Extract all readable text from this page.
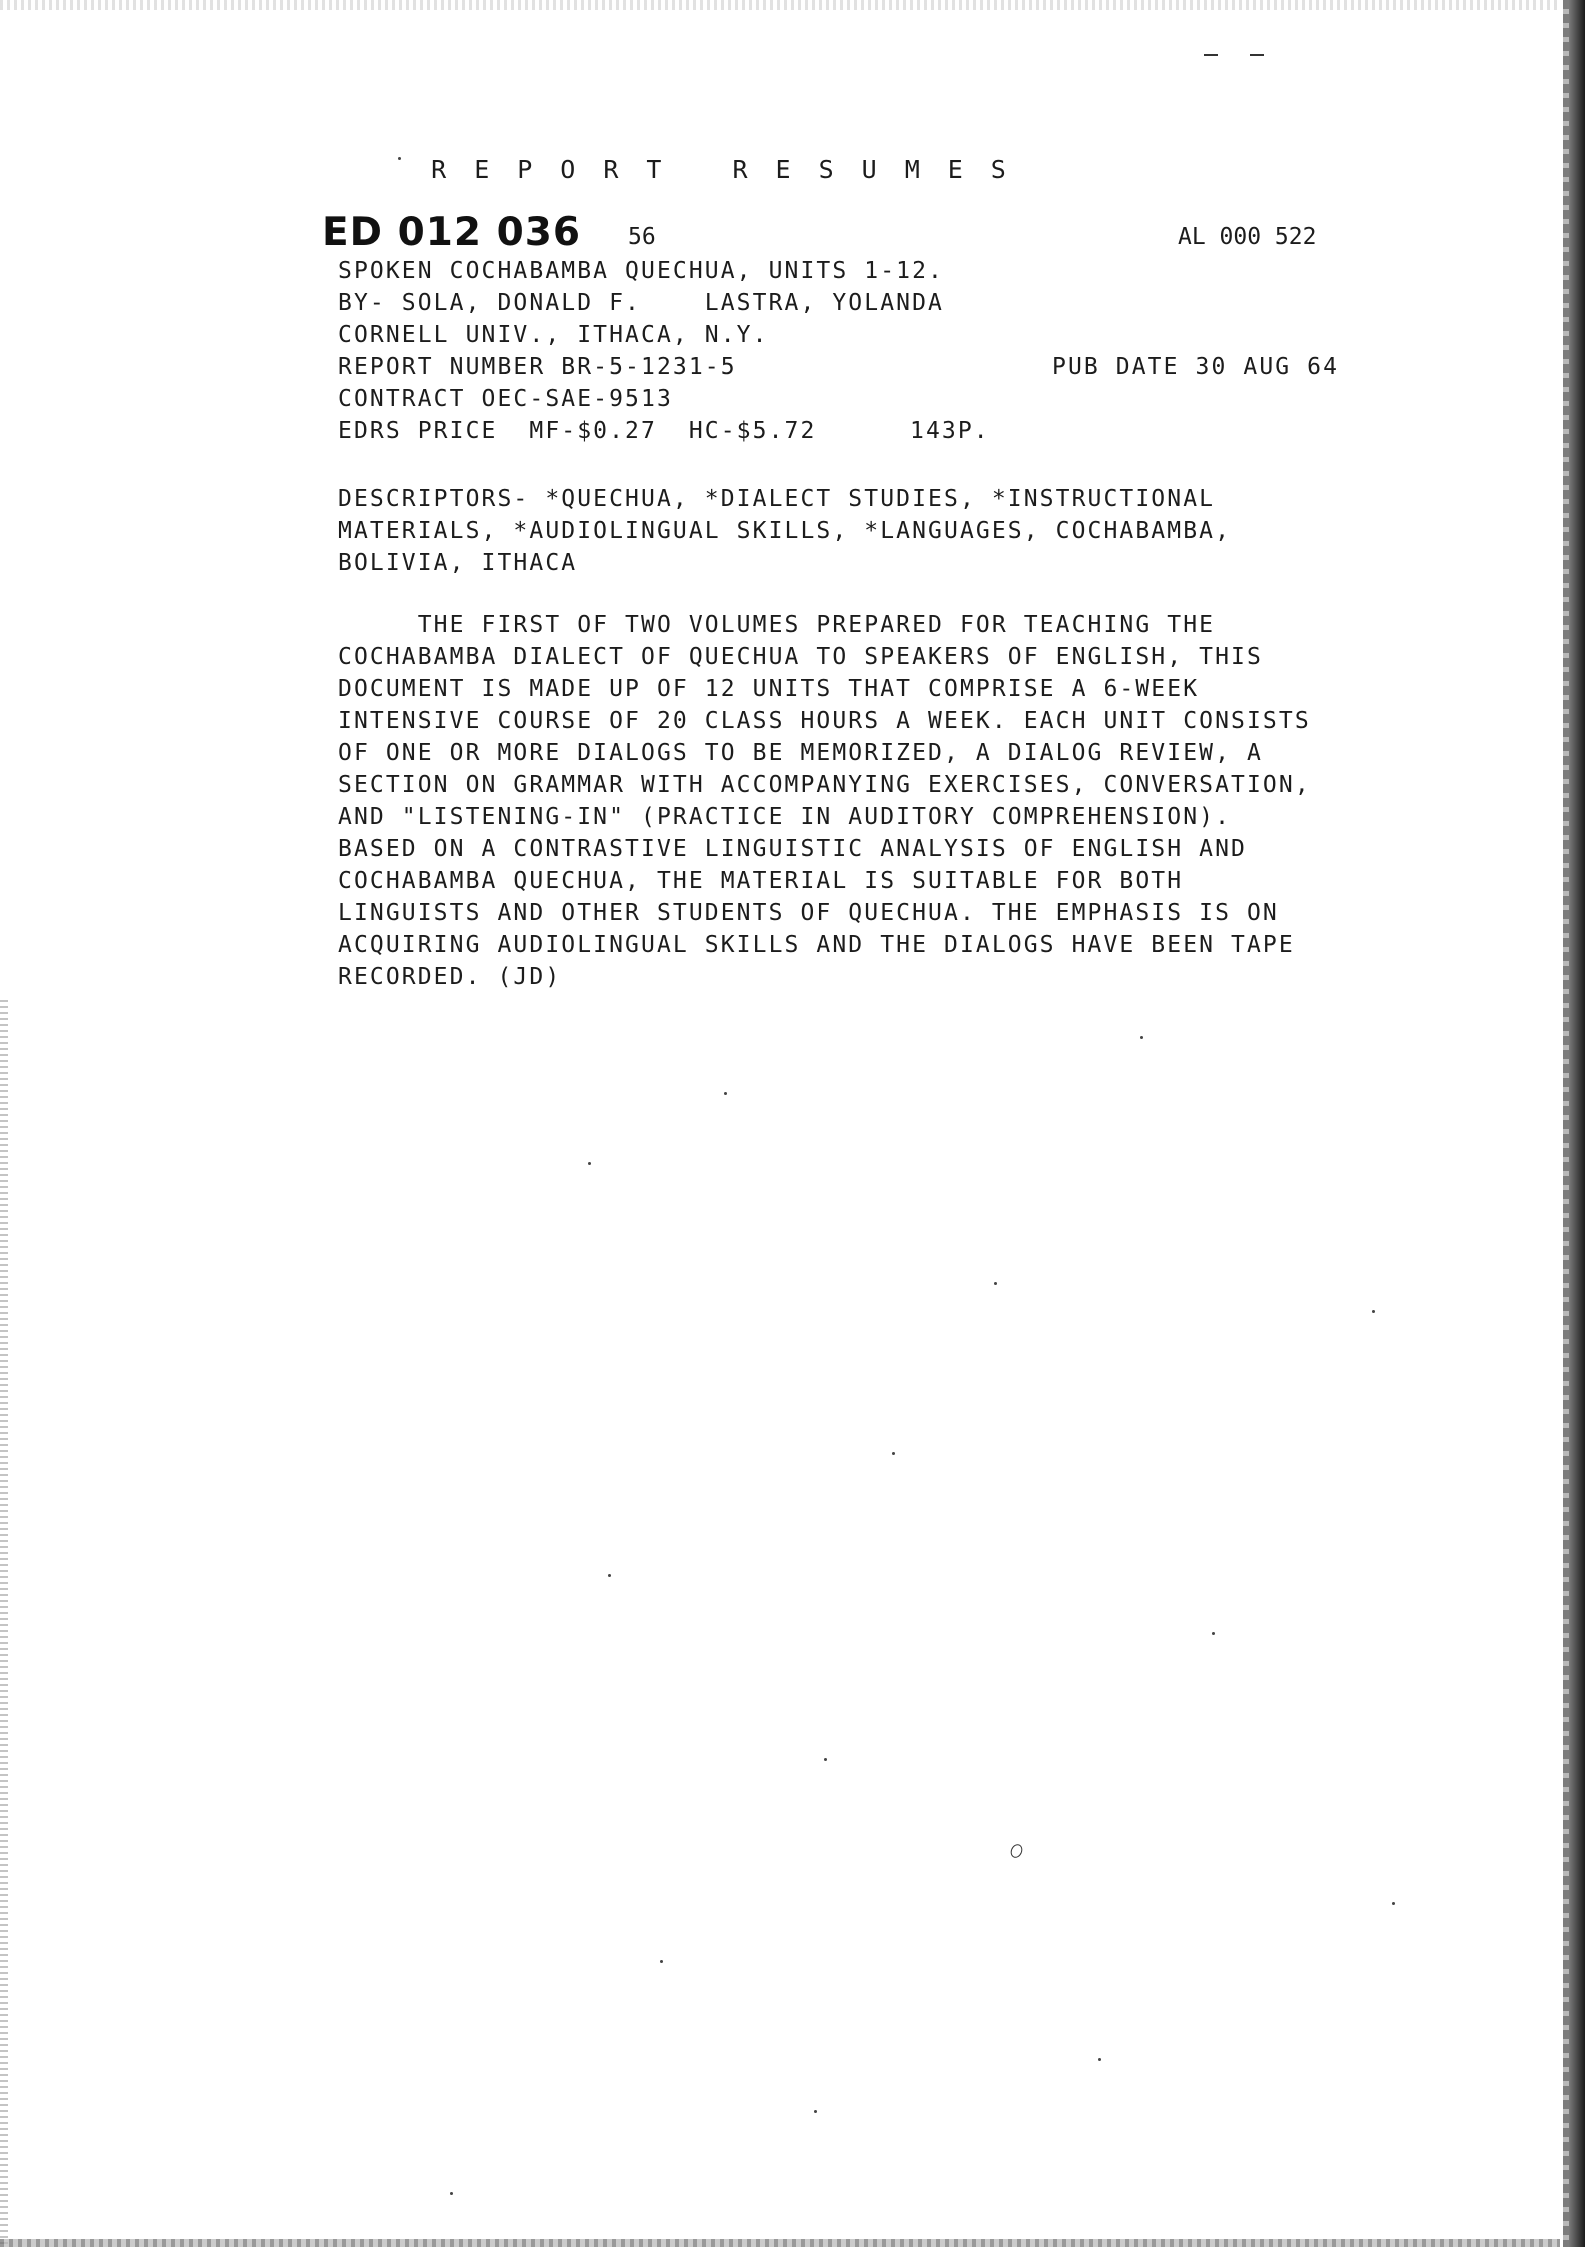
REPORT RESUMES
ED 012 036 56	AL 000 522
SPOKEN COCHABAMBA QUECHUA, UNITS 1-12.
BY- SOLA, DONALD F.    LASTRA, YOLANDA
CORNELL UNIV., ITHACA, N.Y.
REPORT NUMBER BR-5-1231-5	PUB DATE 30 AUG 64
CONTRACT OEC-SAE-9513
EDRS PRICE  MF-$0.27  HC-$5.72	143P.
DESCRIPTORS- *QUECHUA, *DIALECT STUDIES, *INSTRUCTIONAL
MATERIALS, *AUDIOLINGUAL SKILLS, *LANGUAGES, COCHABAMBA,
BOLIVIA, ITHACA
THE FIRST OF TWO VOLUMES PREPARED FOR TEACHING THE
COCHABAMBA DIALECT OF QUECHUA TO SPEAKERS OF ENGLISH, THIS
DOCUMENT IS MADE UP OF 12 UNITS THAT COMPRISE A 6-WEEK
INTENSIVE COURSE OF 20 CLASS HOURS A WEEK. EACH UNIT CONSISTS
OF ONE OR MORE DIALOGS TO BE MEMORIZED, A DIALOG REVIEW, A
SECTION ON GRAMMAR WITH ACCOMPANYING EXERCISES, CONVERSATION,
AND "LISTENING-IN" (PRACTICE IN AUDITORY COMPREHENSION).
BASED ON A CONTRASTIVE LINGUISTIC ANALYSIS OF ENGLISH AND
COCHABAMBA QUECHUA, THE MATERIAL IS SUITABLE FOR BOTH
LINGUISTS AND OTHER STUDENTS OF QUECHUA. THE EMPHASIS IS ON
ACQUIRING AUDIOLINGUAL SKILLS AND THE DIALOGS HAVE BEEN TAPE
RECORDED. (JD)
